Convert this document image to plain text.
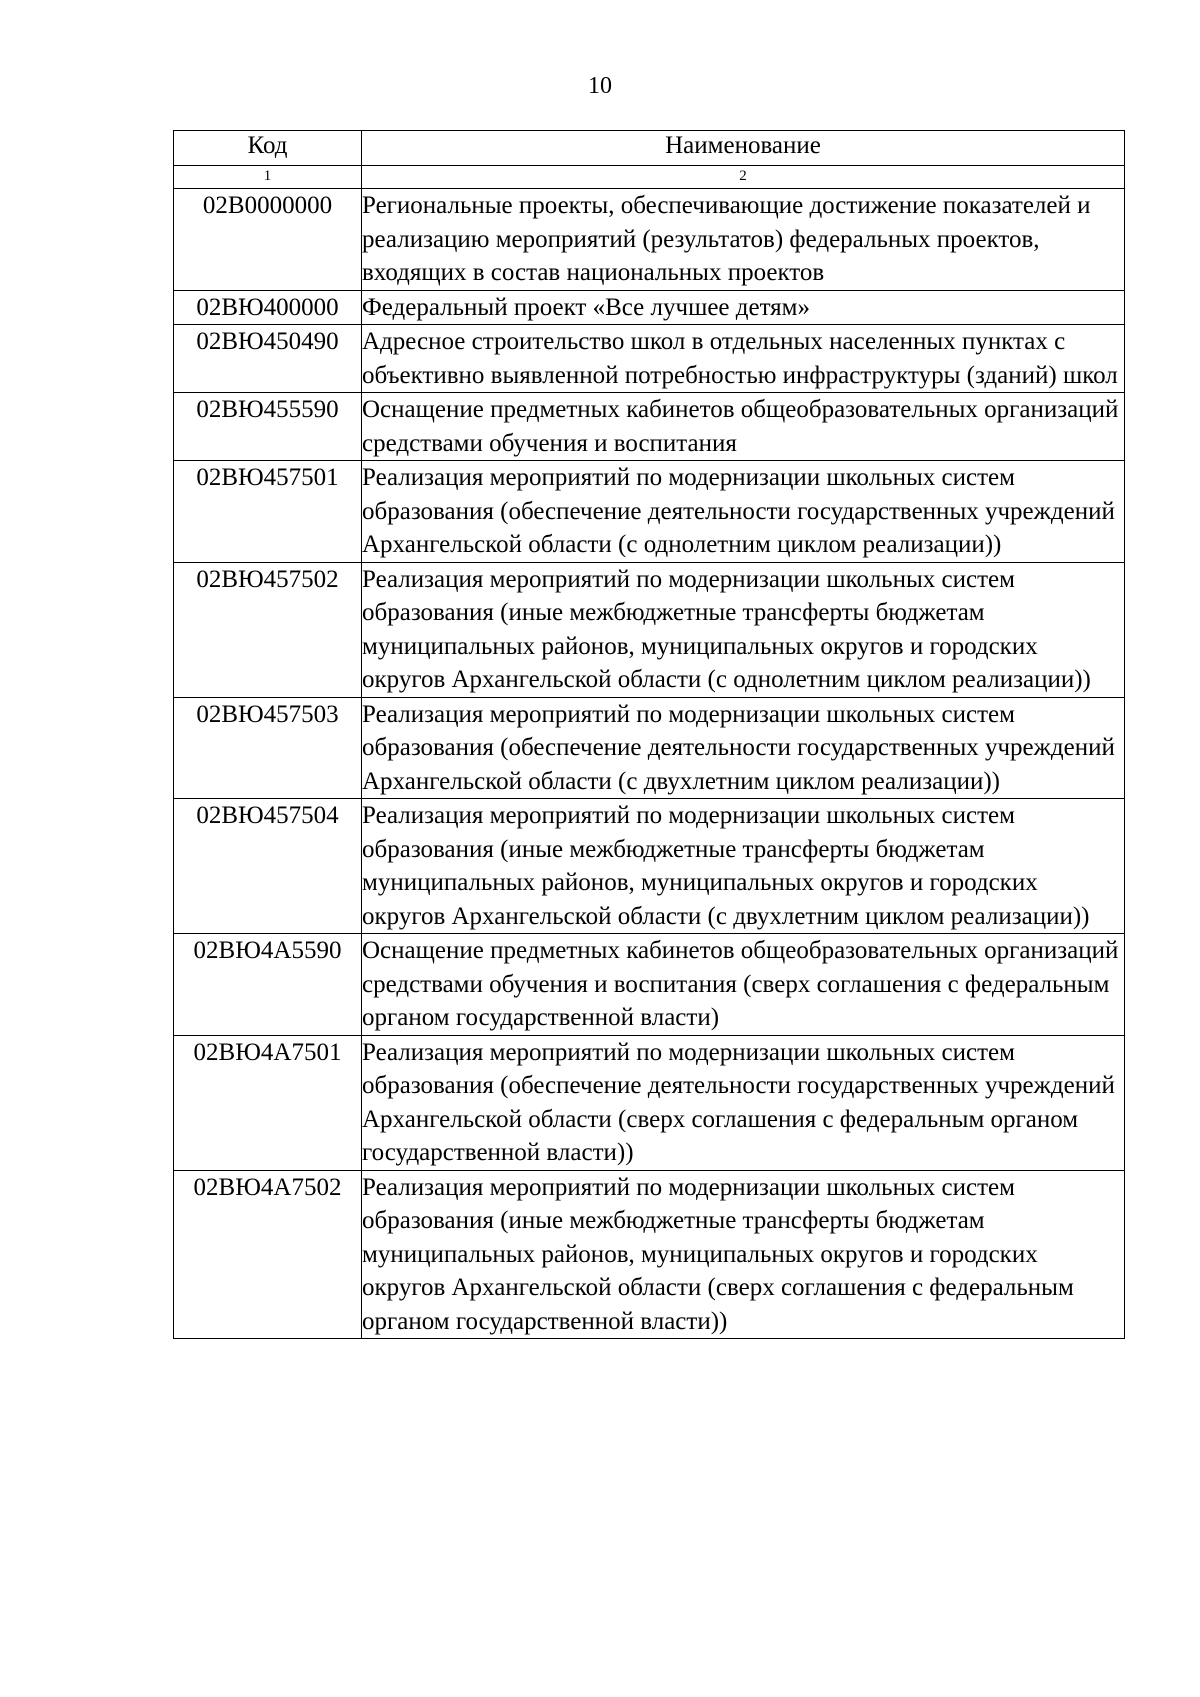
10
Код	Наименование
1	2
02В0000000	Региональные проекты, обеспечивающие достижение показателей и реализацию мероприятий (результатов) федеральных проектов, входящих в состав национальных проектов
02ВЮ400000	Федеральный проект «Все лучшее детям»
02ВЮ450490	Адресное строительство школ в отдельных населенных пунктах с объективно выявленной потребностью инфраструктуры (зданий) школ
02ВЮ455590	Оснащение предметных кабинетов общеобразовательных организаций средствами обучения и воспитания
02ВЮ457501	Реализация мероприятий по модернизации школьных систем образования (обеспечение деятельности государственных учреждений Архангельской области (с однолетним циклом реализации))
02ВЮ457502	Реализация мероприятий по модернизации школьных систем образования (иные межбюджетные трансферты бюджетам муниципальных районов, муниципальных округов и городских округов Архангельской области (с однолетним циклом реализации))
02ВЮ457503	Реализация мероприятий по модернизации школьных систем образования (обеспечение деятельности государственных учреждений Архангельской области (с двухлетним циклом реализации))
02ВЮ457504	Реализация мероприятий по модернизации школьных систем образования (иные межбюджетные трансферты бюджетам муниципальных районов, муниципальных округов и городских округов Архангельской области (с двухлетним циклом реализации))
02ВЮ4А5590	Оснащение предметных кабинетов общеобразовательных организаций средствами обучения и воспитания (сверх соглашения с федеральным органом государственной власти)
02ВЮ4А7501	Реализация мероприятий по модернизации школьных систем образования (обеспечение деятельности государственных учреждений Архангельской области (сверх соглашения с федеральным органом государственной власти))
02ВЮ4А7502	Реализация мероприятий по модернизации школьных систем образования (иные межбюджетные трансферты бюджетам муниципальных районов, муниципальных округов и городских округов Архангельской области (сверх соглашения с федеральным органом государственной власти))
